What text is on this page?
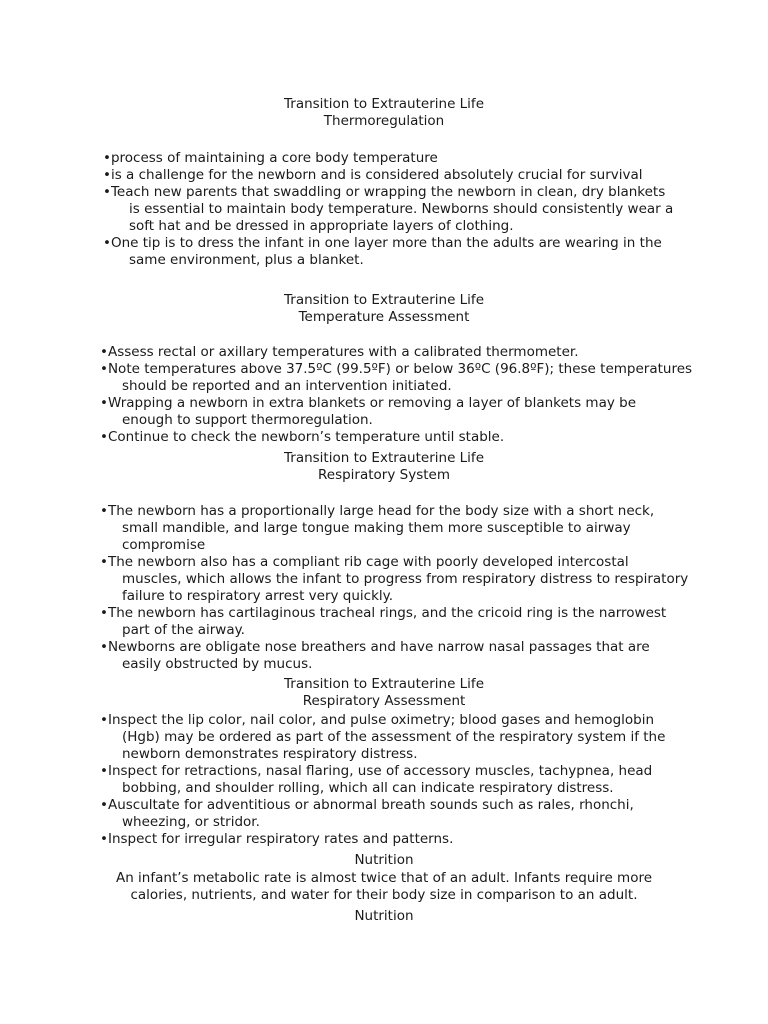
Transition to Extrauterine Life
Thermoregulation
•process of maintaining a core body temperature
•is a challenge for the newborn and is considered absolutely crucial for survival
•Teach new parents that swaddling or wrapping the newborn in clean, dry blankets
is essential to maintain body temperature. Newborns should consistently wear a
soft hat and be dressed in appropriate layers of clothing.
•One tip is to dress the infant in one layer more than the adults are wearing in the
same environment, plus a blanket.
Transition to Extrauterine Life
Temperature Assessment
•Assess rectal or axillary temperatures with a calibrated thermometer.
•Note temperatures above 37.5ºC (99.5ºF) or below 36ºC (96.8ºF); these temperatures
should be reported and an intervention initiated.
•Wrapping a newborn in extra blankets or removing a layer of blankets may be
enough to support thermoregulation.
•Continue to check the newborn’s temperature until stable.
Transition to Extrauterine Life
Respiratory System
•The newborn has a proportionally large head for the body size with a short neck,
small mandible, and large tongue making them more susceptible to airway
compromise
•The newborn also has a compliant rib cage with poorly developed intercostal
muscles, which allows the infant to progress from respiratory distress to respiratory
failure to respiratory arrest very quickly.
•The newborn has cartilaginous tracheal rings, and the cricoid ring is the narrowest
part of the airway.
•Newborns are obligate nose breathers and have narrow nasal passages that are
easily obstructed by mucus.
Transition to Extrauterine Life
Respiratory Assessment
•Inspect the lip color, nail color, and pulse oximetry; blood gases and hemoglobin
(Hgb) may be ordered as part of the assessment of the respiratory system if the
newborn demonstrates respiratory distress.
•Inspect for retractions, nasal flaring, use of accessory muscles, tachypnea, head
bobbing, and shoulder rolling, which all can indicate respiratory distress.
•Auscultate for adventitious or abnormal breath sounds such as rales, rhonchi,
wheezing, or stridor.
•Inspect for irregular respiratory rates and patterns.
Nutrition
An infant’s metabolic rate is almost twice that of an adult. Infants require more
calories, nutrients, and water for their body size in comparison to an adult.
Nutrition
